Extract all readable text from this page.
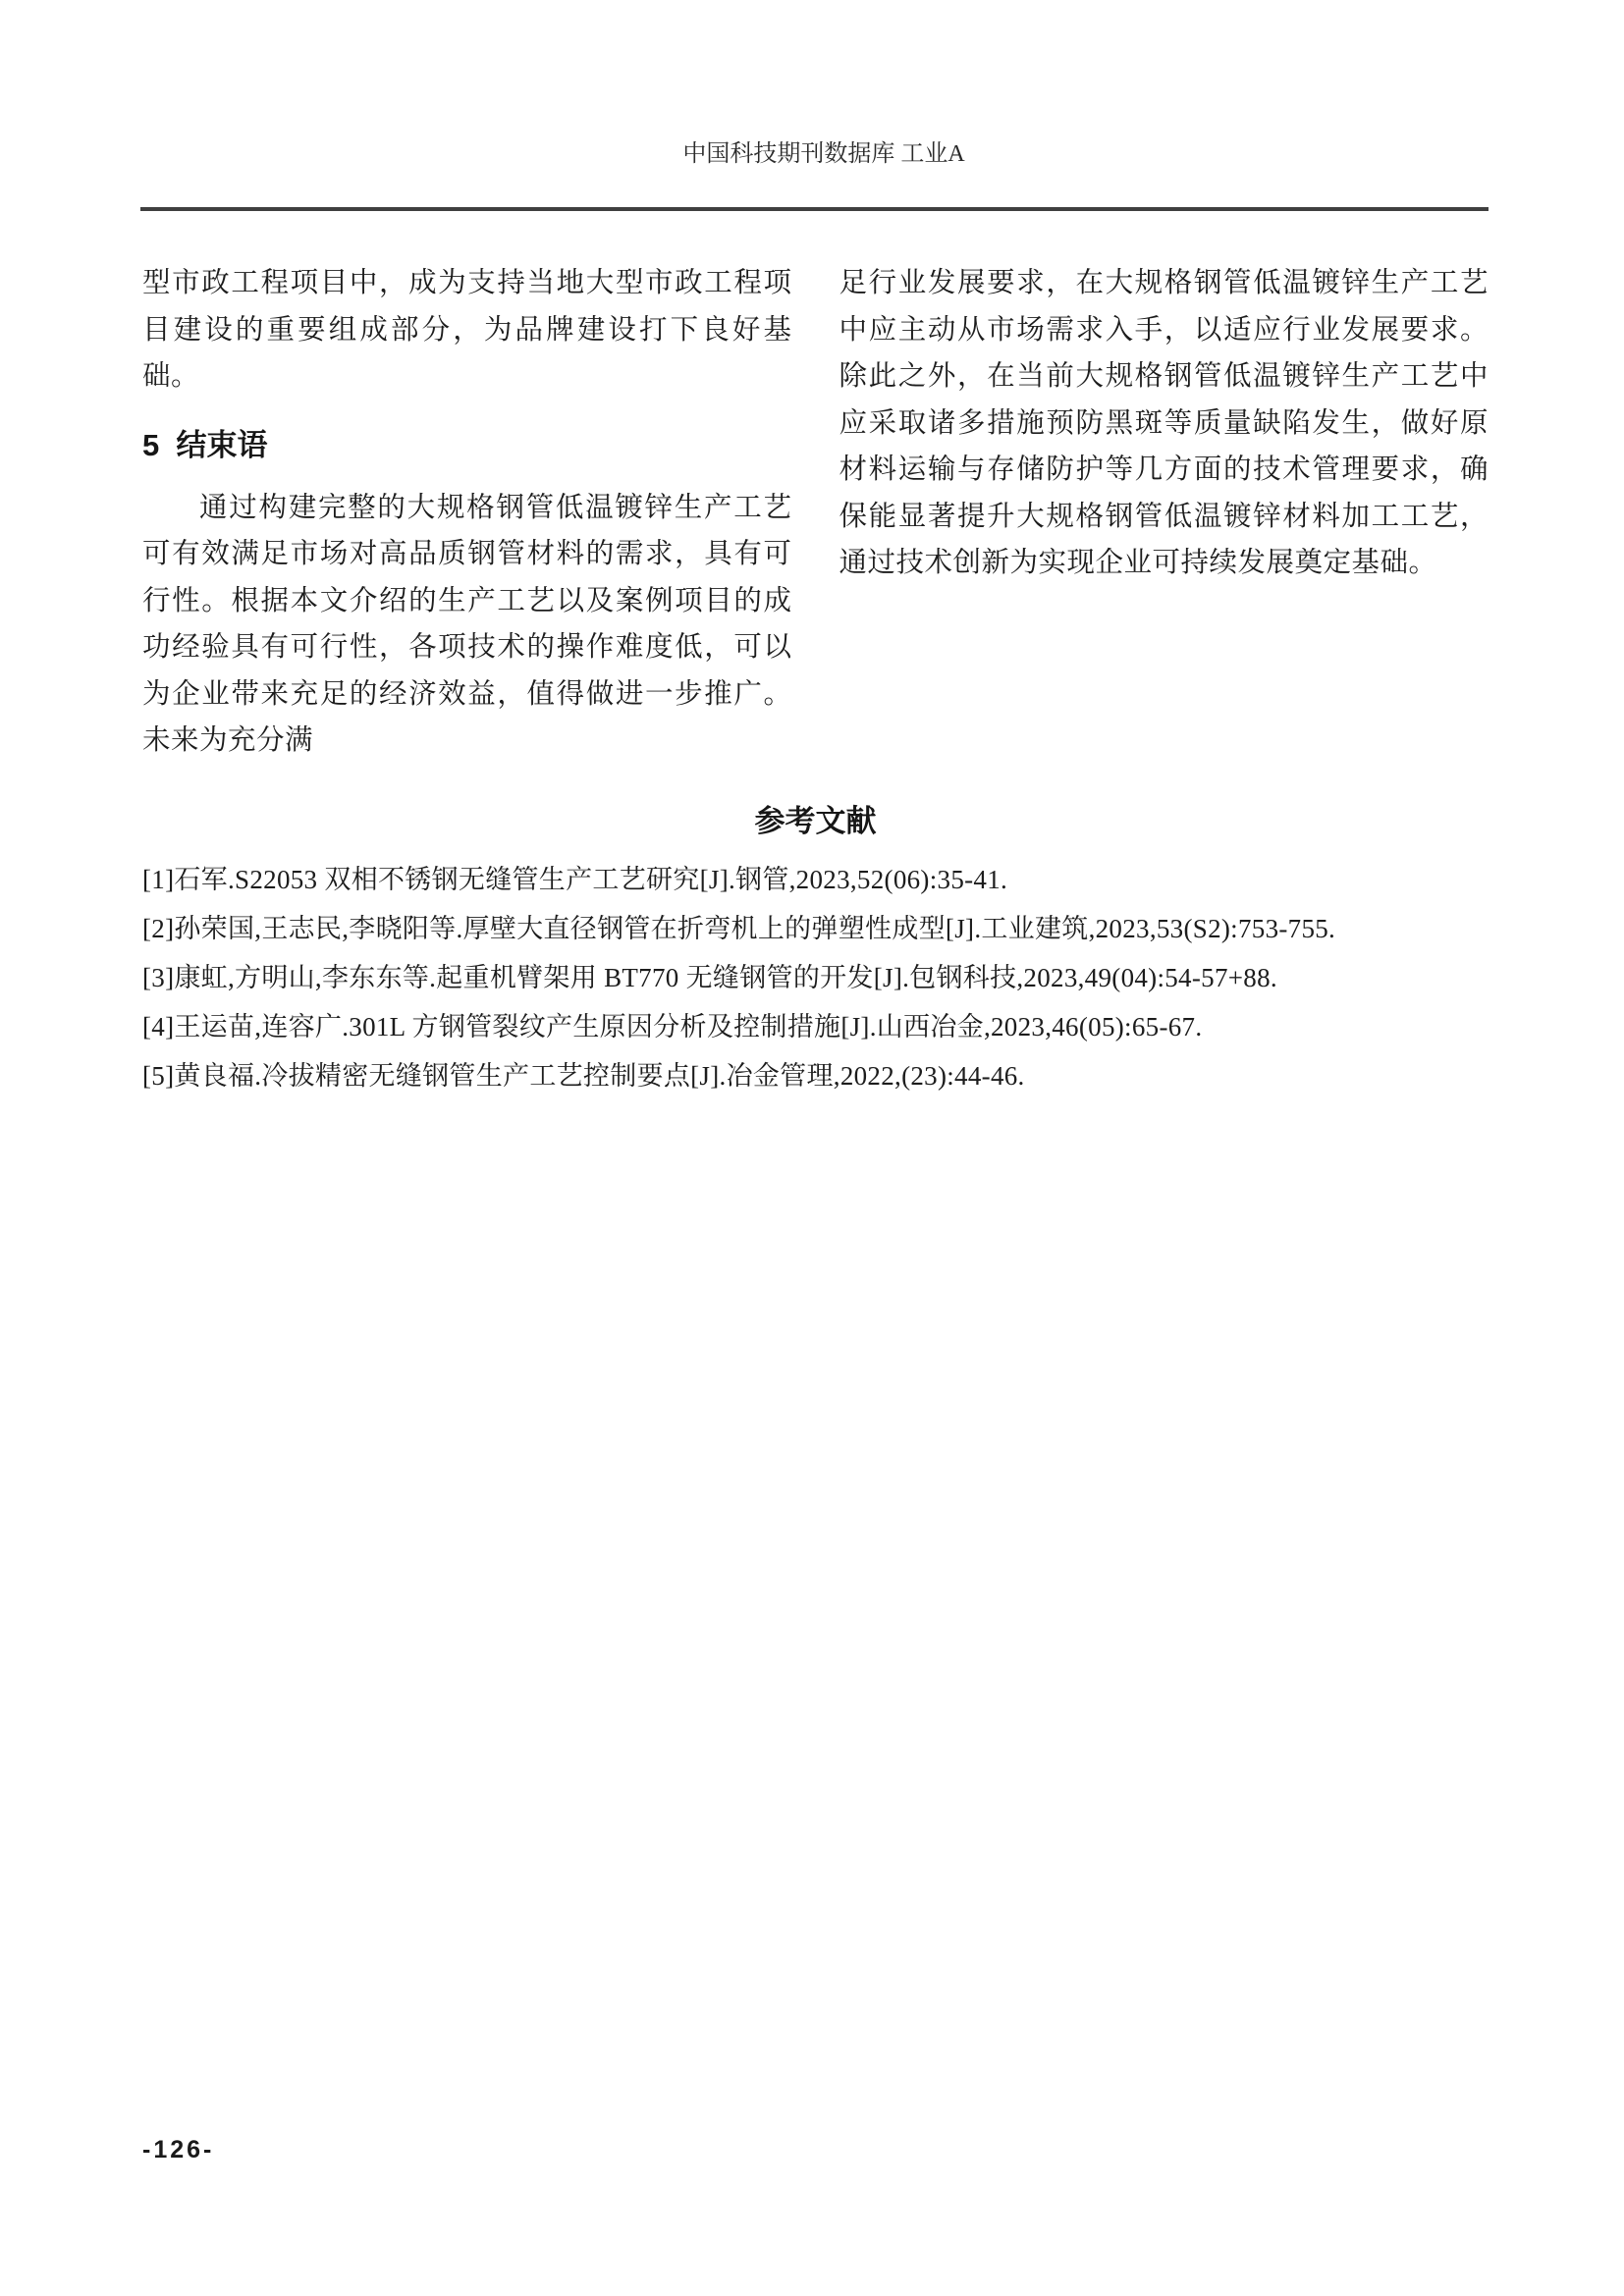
中国科技期刊数据库 工业A

型市政工程项目中，成为支持当地大型市政工程项目建设的重要组成部分，为品牌建设打下良好基础。

5  结束语

通过构建完整的大规格钢管低温镀锌生产工艺可有效满足市场对高品质钢管材料的需求，具有可行性。根据本文介绍的生产工艺以及案例项目的成功经验具有可行性，各项技术的操作难度低，可以为企业带来充足的经济效益，值得做进一步推广。未来为充分满

足行业发展要求，在大规格钢管低温镀锌生产工艺中应主动从市场需求入手，以适应行业发展要求。除此之外，在当前大规格钢管低温镀锌生产工艺中应采取诸多措施预防黑斑等质量缺陷发生，做好原材料运输与存储防护等几方面的技术管理要求，确保能显著提升大规格钢管低温镀锌材料加工工艺，通过技术创新为实现企业可持续发展奠定基础。

参考文献

[1]石军.S22053 双相不锈钢无缝管生产工艺研究[J].钢管,2023,52(06):35-41.

[2]孙荣国,王志民,李晓阳等.厚壁大直径钢管在折弯机上的弹塑性成型[J].工业建筑,2023,53(S2):753-755.

[3]康虹,方明山,李东东等.起重机臂架用 BT770 无缝钢管的开发[J].包钢科技,2023,49(04):54-57+88.

[4]王运苗,连容广.301L 方钢管裂纹产生原因分析及控制措施[J].山西冶金,2023,46(05):65-67.

[5]黄良福.冷拔精密无缝钢管生产工艺控制要点[J].冶金管理,2022,(23):44-46.

-126-
